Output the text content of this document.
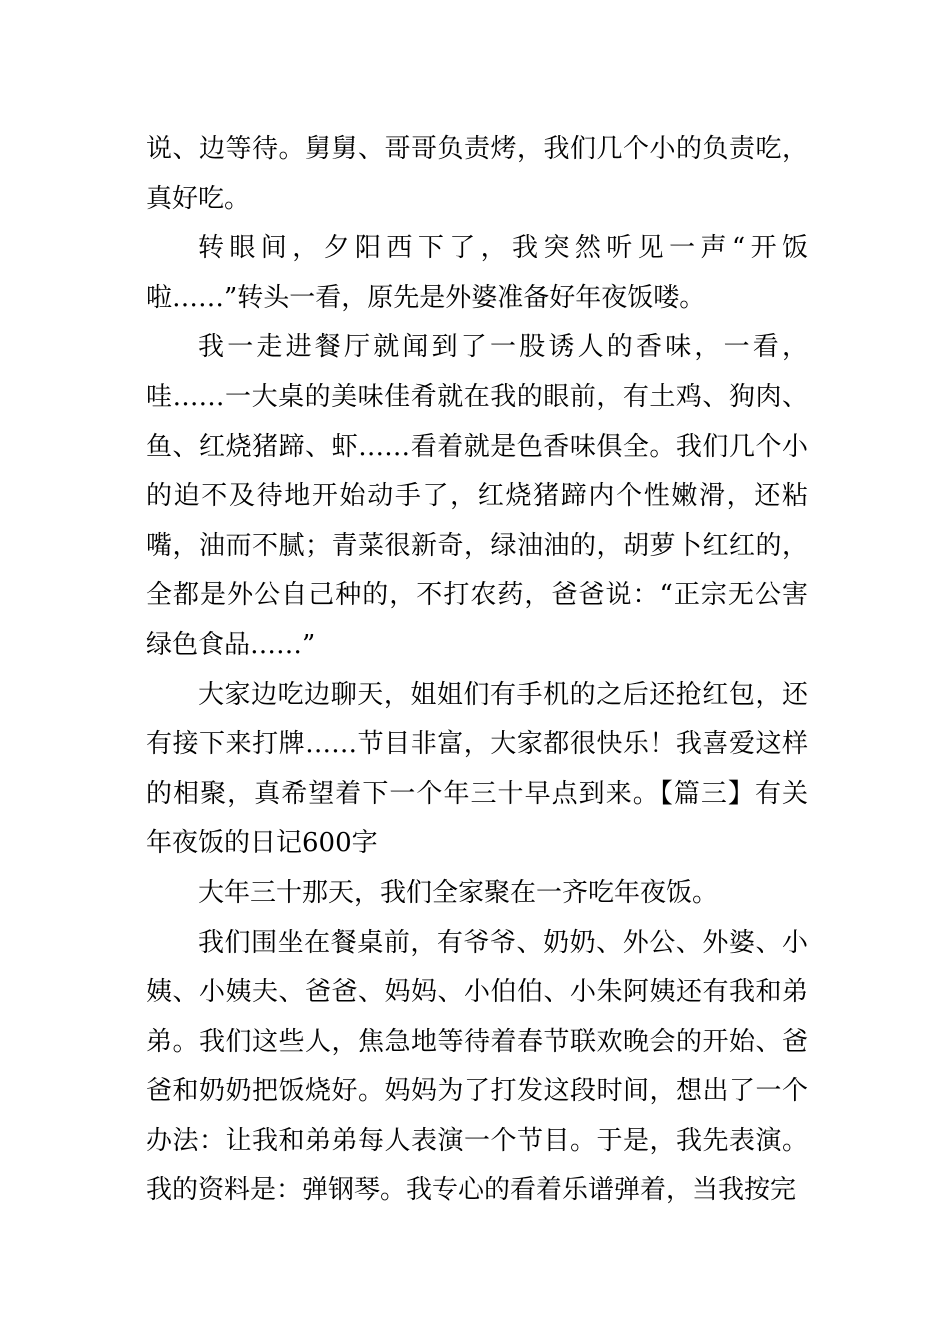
说、边等待。舅舅、哥哥负责烤，我们几个小的负责吃，真好吃。

转眼间，夕阳西下了，我突然听见一声“开饭啦……”转头一看，原先是外婆准备好年夜饭喽。

我一走进餐厅就闻到了一股诱人的香味，一看，哇……一大桌的美味佳肴就在我的眼前，有土鸡、狗肉、鱼、红烧猪蹄、虾……看着就是色香味俱全。我们几个小的迫不及待地开始动手了，红烧猪蹄内个性嫩滑，还粘嘴，油而不腻；青菜很新奇，绿油油的，胡萝卜红红的，全都是外公自己种的，不打农药，爸爸说：“正宗无公害绿色食品……”

大家边吃边聊天，姐姐们有手机的之后还抢红包，还有接下来打牌……节目非富，大家都很快乐！我喜爱这样的相聚，真希望着下一个年三十早点到来。【篇三】有关年夜饭的日记600字

大年三十那天，我们全家聚在一齐吃年夜饭。

我们围坐在餐桌前，有爷爷、奶奶、外公、外婆、小姨、小姨夫、爸爸、妈妈、小伯伯、小朱阿姨还有我和弟弟。我们这些人，焦急地等待着春节联欢晚会的开始、爸爸和奶奶把饭烧好。妈妈为了打发这段时间，想出了一个办法：让我和弟弟每人表演一个节目。于是，我先表演。我的资料是：弹钢琴。我专心的看着乐谱弹着，当我按完
